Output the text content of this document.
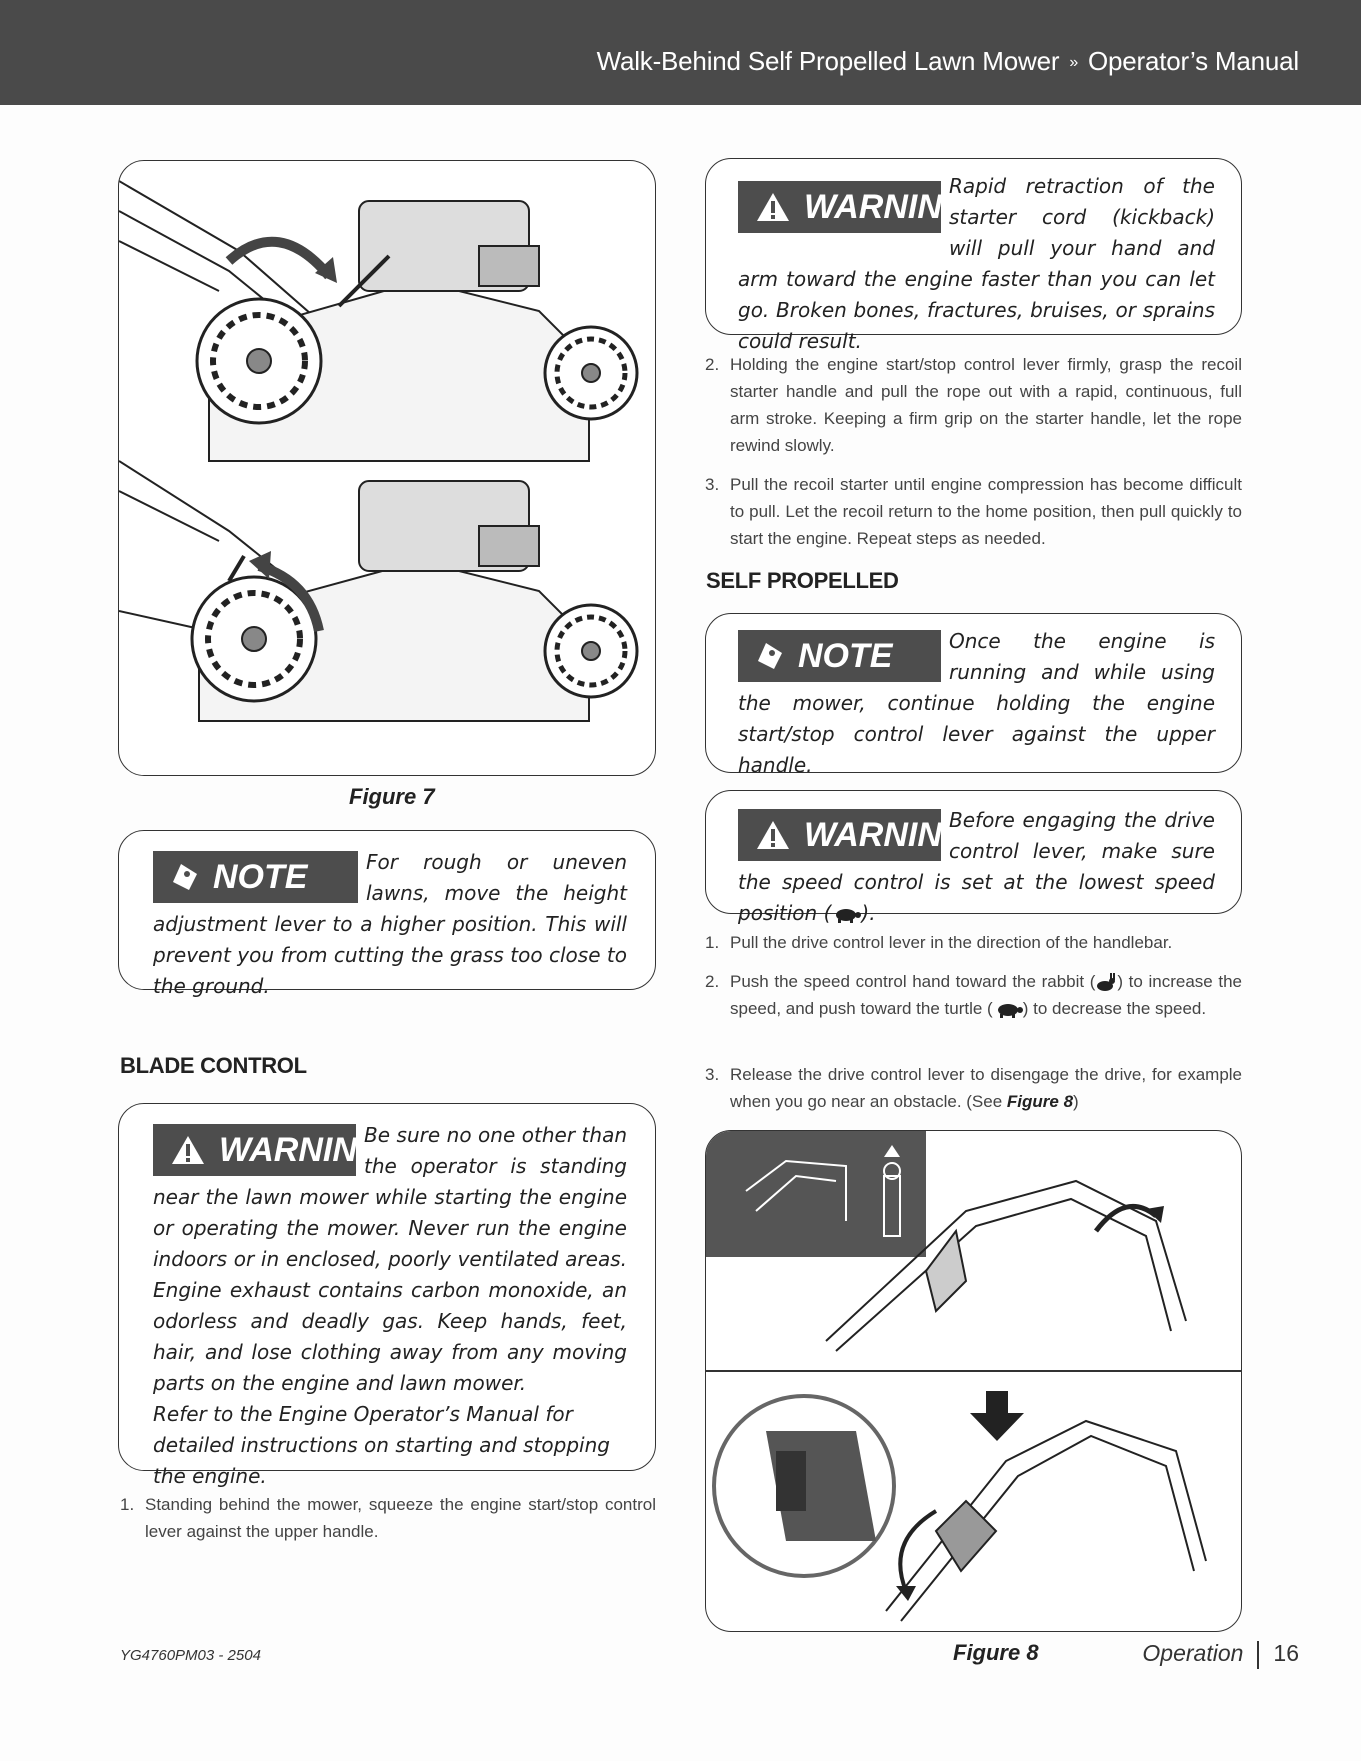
Walk-Behind Self Propelled Lawn Mower » Operator’s Manual
Figure 7
NOTE	For rough or uneven lawns, move the height adjustment lever to a higher position. This will prevent you from cutting the grass too close to the ground.

BLADE CONTROL
WARNING

Be sure no one other than the operator is standing near the lawn mower while starting the engine or operating the mower. Never run the engine indoors or in enclosed, poorly ventilated areas. Engine exhaust contains carbon monoxide, an odorless and deadly gas. Keep hands, feet, hair, and lose clothing away from any moving parts on the engine and lawn mower.

Refer to the Engine Operator’s Manual for detailed instructions on starting and stopping the engine.

1. Standing behind the mower, squeeze the engine start/stop control lever against the upper handle.
WARNING

Rapid retraction of the starter cord (kickback) will pull your hand and arm toward the engine faster than you can let go. Broken bones, fractures, bruises, or sprains could result.

2. Holding the engine start/stop control lever firmly, grasp the recoil starter handle and pull the rope out with a rapid, continuous, full arm stroke. Keeping a firm grip on the starter handle, let the rope rewind slowly.
3. Pull the recoil starter until engine compression has become difficult to pull. Let the recoil return to the home position, then pull quickly to start the engine. Repeat steps as needed.
SELF PROPELLED
NOTE	Once the engine is running and while using the mower, continue holding the engine start/stop control lever against the upper handle.

WARNING

Before engaging the drive control lever, make sure the speed control is set at the lowest speed position ( ).

1. Pull the drive control lever in the direction of the handlebar.
2. Push the speed control hand toward the rabbit ( ) to increase the speed, and push toward the turtle ( ) to decrease the speed.
3. Release the drive control lever to disengage the drive, for example when you go near an obstacle. (See Figure 8)
Figure 8
YG4760PM03 - 2504	Operation 16
